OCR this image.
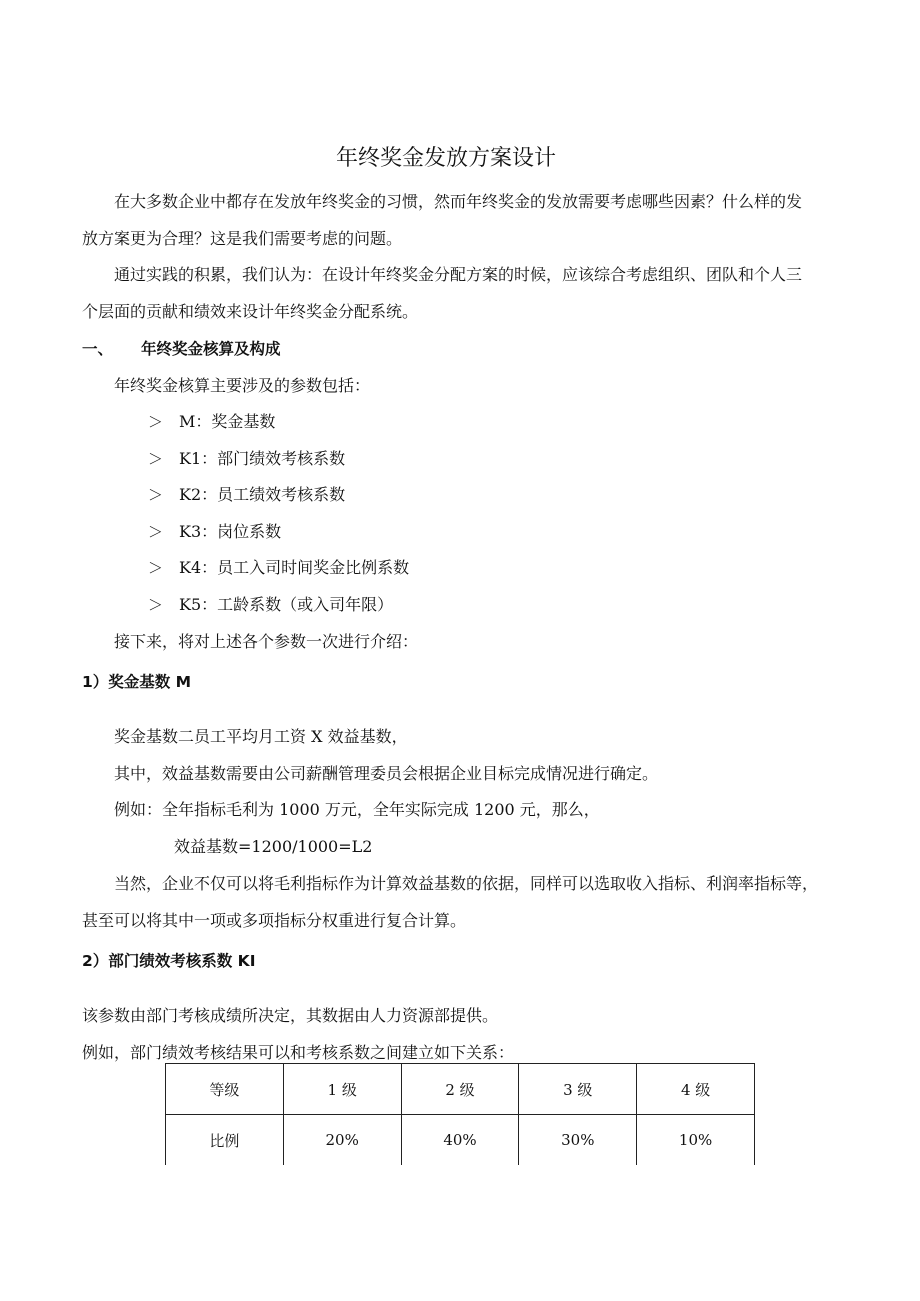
年终奖金发放方案设计
在大多数企业中都存在发放年终奖金的习惯，然而年终奖金的发放需要考虑哪些因素？什么样的发
放方案更为合理？这是我们需要考虑的问题。
通过实践的积累，我们认为：在设计年终奖金分配方案的时候，应该综合考虑组织、团队和个人三
个层面的贡献和绩效来设计年终奖金分配系统。
一、 年终奖金核算及构成
年终奖金核算主要涉及的参数包括：
＞ M：奖金基数
＞ K1：部门绩效考核系数
＞ K2：员工绩效考核系数
＞ K3：岗位系数
＞ K4：员工入司时间奖金比例系数
＞ K5：工龄系数（或入司年限）
接下来，将对上述各个参数一次进行介绍：
1）奖金基数 M
奖金基数二员工平均月工资 X 效益基数，
其中，效益基数需要由公司薪酬管理委员会根据企业目标完成情况进行确定。
例如：全年指标毛利为 1000 万元，全年实际完成 1200 元，那么，
效益基数=1200/1000=L2
当然，企业不仅可以将毛利指标作为计算效益基数的依据，同样可以选取收入指标、利润率指标等，
甚至可以将其中一项或多项指标分权重进行复合计算。
2）部门绩效考核系数 KI
该参数由部门考核成绩所决定，其数据由人力资源部提供。
例如，部门绩效考核结果可以和考核系数之间建立如下关系：
等级	1 级	2 级	3 级	4 级
比例	20%	40%	30%	10%
